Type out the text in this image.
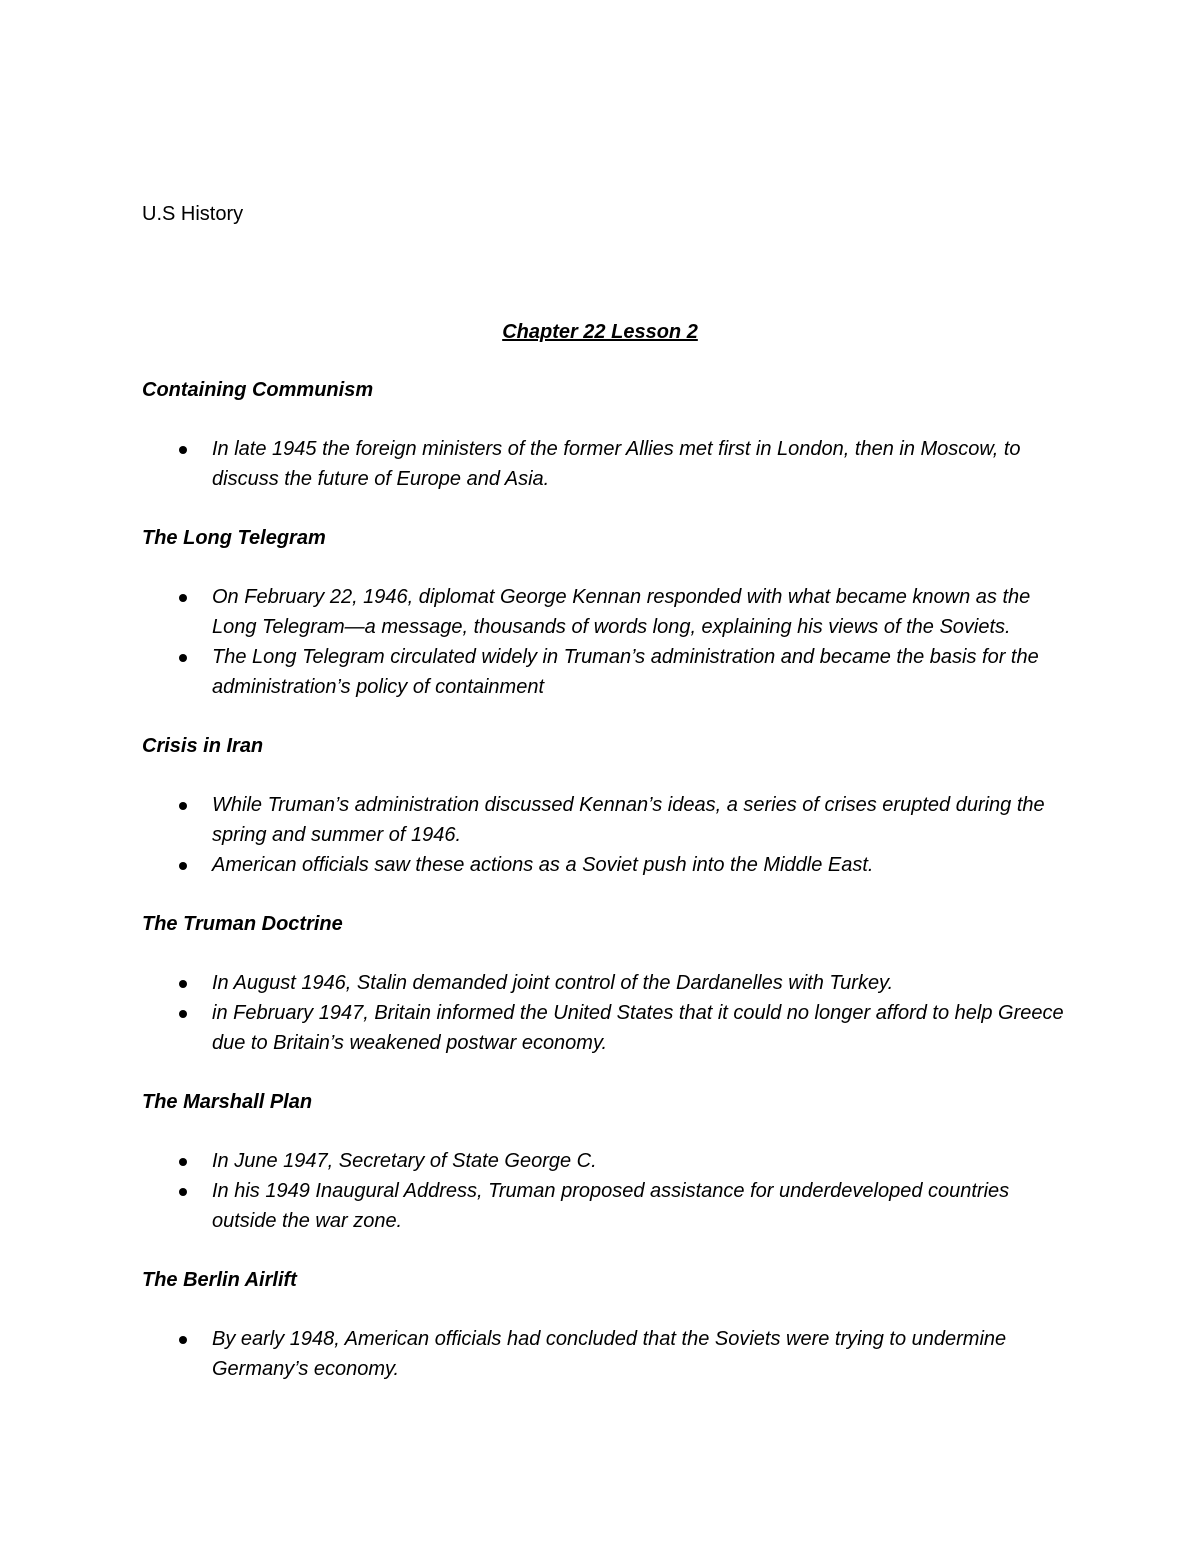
U.S History
Chapter 22 Lesson 2
Containing Communism
In late 1945 the foreign ministers of the former Allies met first in London, then in Moscow, to discuss the future of Europe and Asia.
The Long Telegram
On February 22, 1946, diplomat George Kennan responded with what became known as the Long Telegram—a message, thousands of words long, explaining his views of the Soviets.
The Long Telegram circulated widely in Truman’s administration and became the basis for the administration’s policy of containment
Crisis in Iran
While Truman’s administration discussed Kennan’s ideas, a series of crises erupted during the spring and summer of 1946.
American officials saw these actions as a Soviet push into the Middle East.
The Truman Doctrine
In August 1946, Stalin demanded joint control of the Dardanelles with Turkey.
in February 1947, Britain informed the United States that it could no longer afford to help Greece due to Britain’s weakened postwar economy.
The Marshall Plan
In June 1947, Secretary of State George C.
In his 1949 Inaugural Address, Truman proposed assistance for underdeveloped countries outside the war zone.
The Berlin Airlift
By early 1948, American officials had concluded that the Soviets were trying to undermine Germany’s economy.
